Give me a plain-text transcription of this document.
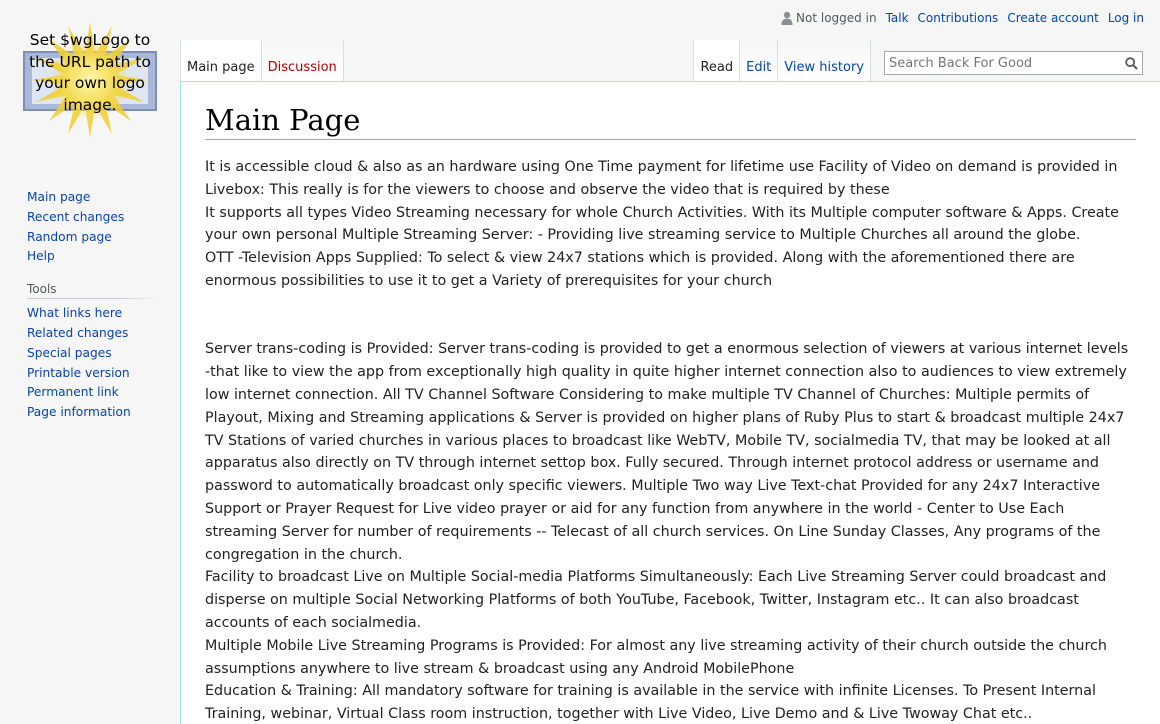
Set $wgLogo to the URL path to your own logo image.
Not logged in Talk Contributions Create account Log in
Main page	Discussion	Read	Edit	View history
Search Back For Good
Main page
Recent changes
Random page
Help
Tools
What links here
Related changes
Special pages
Printable version
Permanent link
Page information
Main Page

It is accessible cloud & also as an hardware using One Time payment for lifetime use Facility of Video on demand is provided in Livebox: This really is for the viewers to choose and observe the video that is required by these

It supports all types Video Streaming necessary for whole Church Activities. With its Multiple computer software & Apps. Create your own personal Multiple Streaming Server: - Providing live streaming service to Multiple Churches all around the globe.

OTT -Television Apps Supplied: To select & view 24x7 stations which is provided. Along with the aforementioned there are enormous possibilities to use it to get a Variety of prerequisites for your church

Server trans-coding is Provided: Server trans-coding is provided to get a enormous selection of viewers at various internet levels -that like to view the app from exceptionally high quality in quite higher internet connection also to audiences to view extremely low internet connection. All TV Channel Software Considering to make multiple TV Channel of Churches: Multiple permits of Playout, Mixing and Streaming applications & Server is provided on higher plans of Ruby Plus to start & broadcast multiple 24x7 TV Stations of varied churches in various places to broadcast like WebTV, Mobile TV, socialmedia TV, that may be looked at all apparatus also directly on TV through internet settop box. Fully secured. Through internet protocol address or username and password to automatically broadcast only specific viewers. Multiple Two way Live Text-chat Provided for any 24x7 Interactive Support or Prayer Request for Live video prayer or aid for any function from anywhere in the world - Center to Use Each streaming Server for number of requirements -- Telecast of all church services. On Line Sunday Classes, Any programs of the congregation in the church.

Facility to broadcast Live on Multiple Social-media Platforms Simultaneously: Each Live Streaming Server could broadcast and disperse on multiple Social Networking Platforms of both YouTube, Facebook, Twitter, Instagram etc.. It can also broadcast accounts of each socialmedia.

Multiple Mobile Live Streaming Programs is Provided: For almost any live streaming activity of their church outside the church assumptions anywhere to live stream & broadcast using any Android MobilePhone

Education & Training: All mandatory software for training is available in the service with infinite Licenses. To Present Internal Training, webinar, Virtual Class room instruction, together with Live Video, Live Demo and & Live Twoway Chat etc..
